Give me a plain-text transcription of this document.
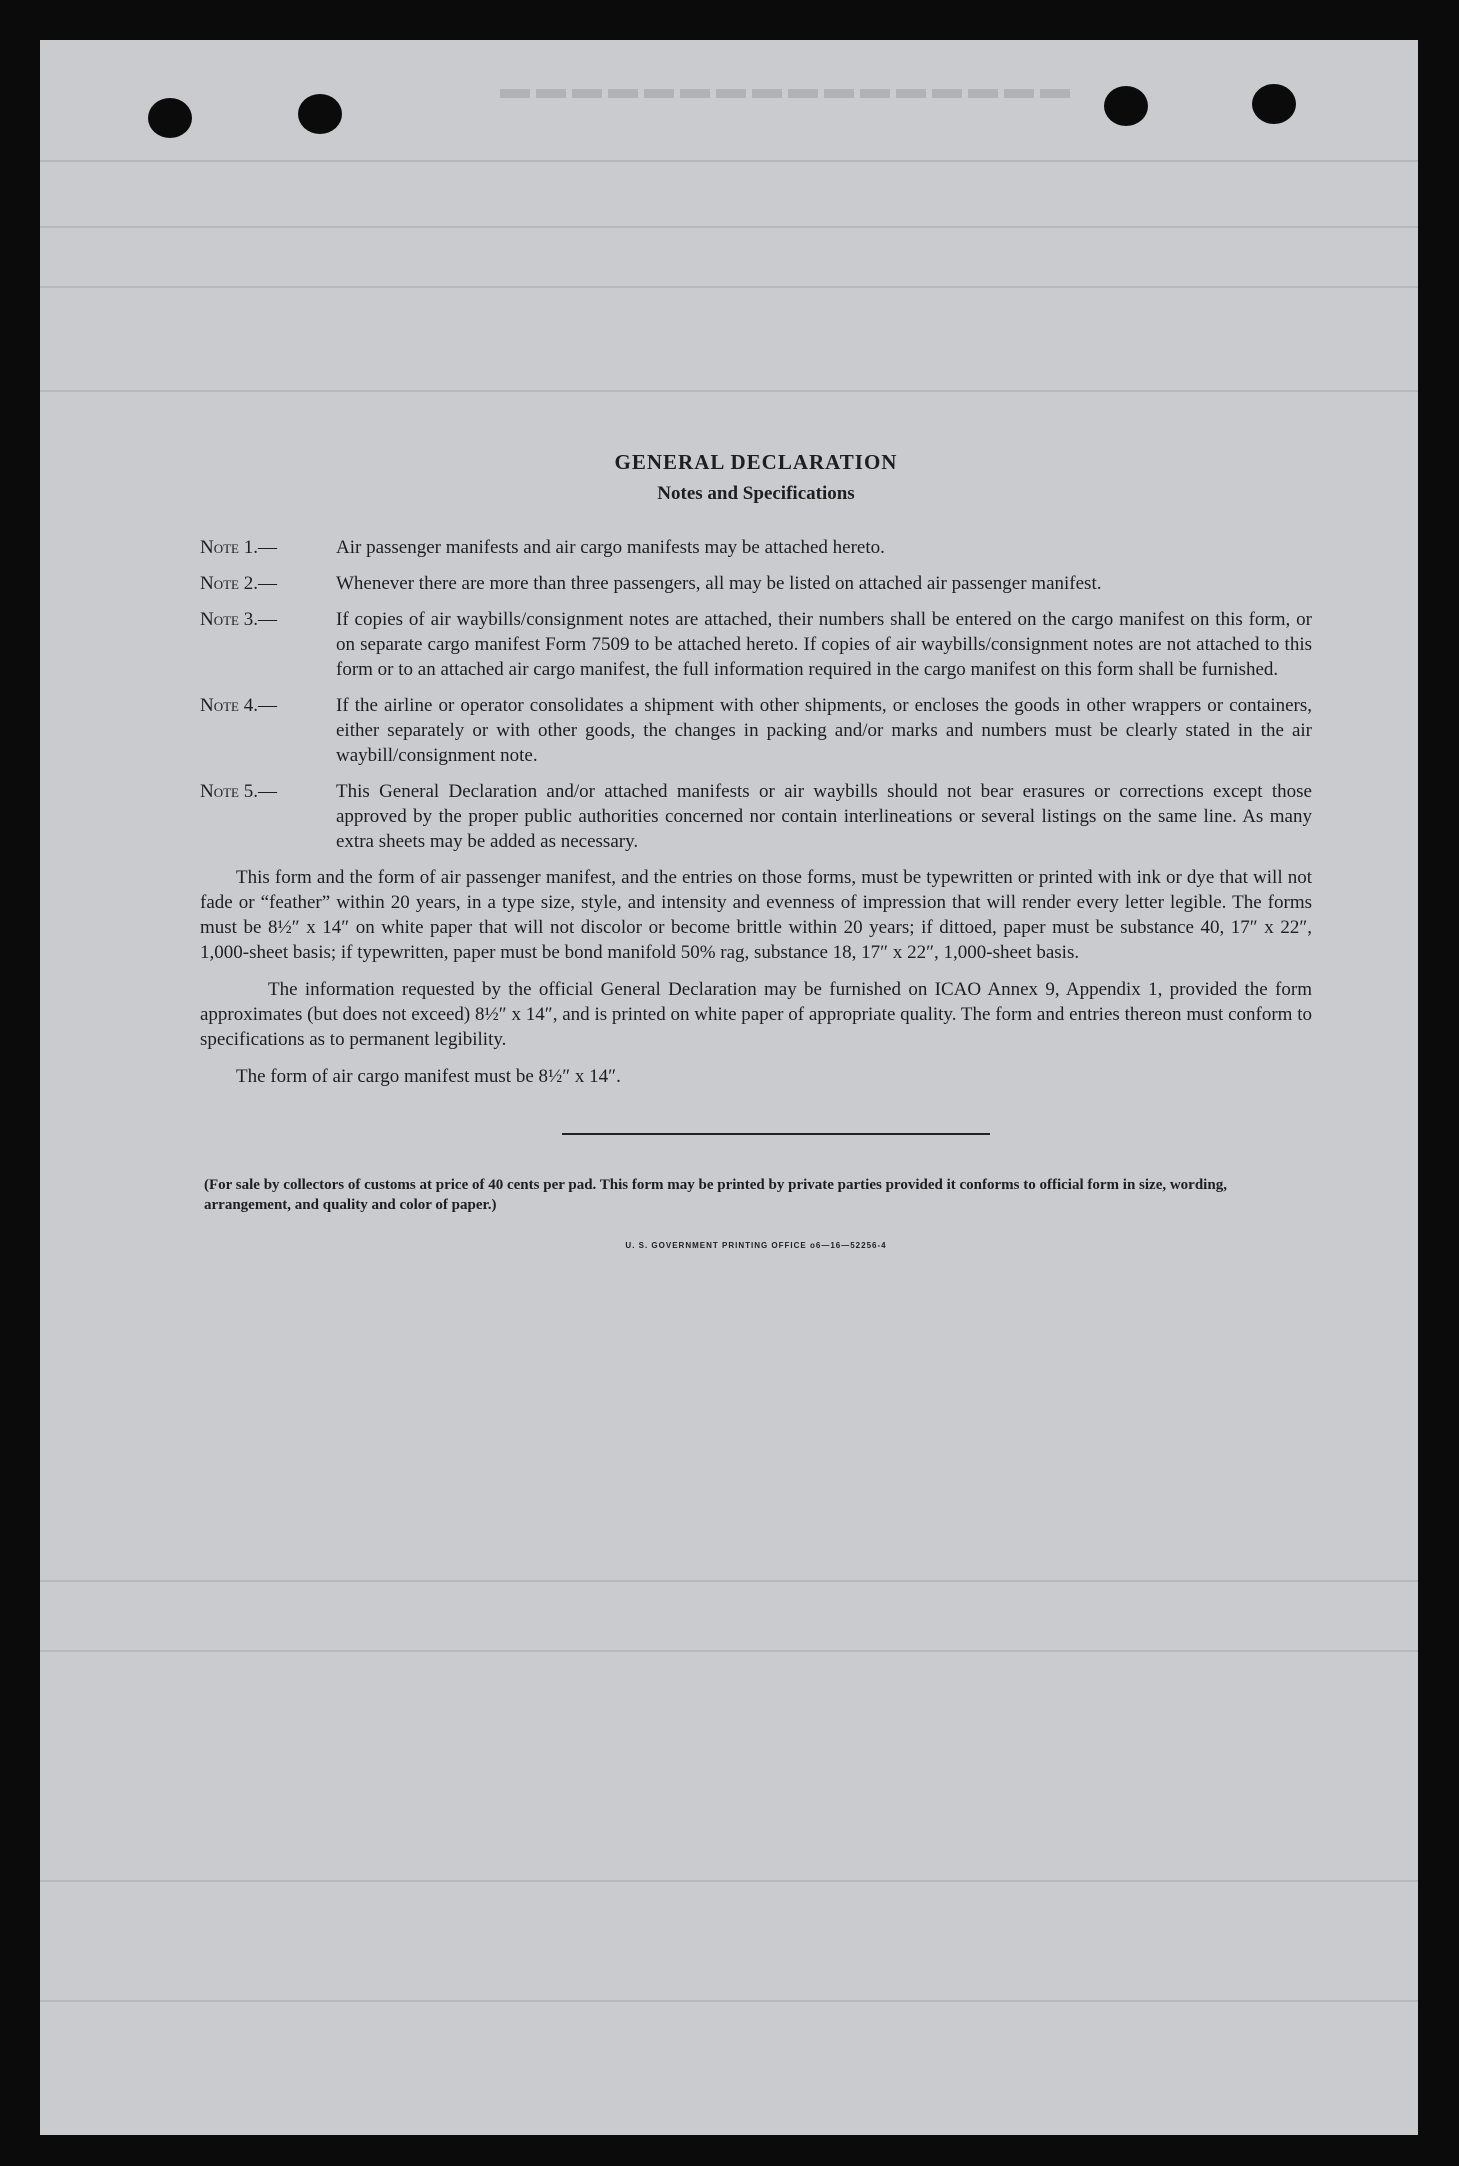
▬▬▬▬▬▬▬▬▬▬▬▬▬▬▬▬
GENERAL DECLARATION
Notes and Specifications
Note 1.—	Air passenger manifests and air cargo manifests may be attached hereto.
Note 2.—	Whenever there are more than three passengers, all may be listed on attached air passenger manifest.
Note 3.—	If copies of air waybills/consignment notes are attached, their numbers shall be entered on the cargo manifest on this form, or on separate cargo manifest Form 7509 to be attached hereto. If copies of air waybills/consignment notes are not attached to this form or to an attached air cargo manifest, the full information required in the cargo manifest on this form shall be furnished.
Note 4.—	If the airline or operator consolidates a shipment with other shipments, or encloses the goods in other wrappers or containers, either separately or with other goods, the changes in packing and/or marks and numbers must be clearly stated in the air waybill/consignment note.
Note 5.—	This General Declaration and/or attached manifests or air waybills should not bear erasures or corrections except those approved by the proper public authorities concerned nor contain interlineations or several listings on the same line. As many extra sheets may be added as necessary.

This form and the form of air passenger manifest, and the entries on those forms, must be typewritten or printed with ink or dye that will not fade or “feather” within 20 years, in a type size, style, and intensity and evenness of impression that will render every letter legible. The forms must be 8½″ x 14″ on white paper that will not discolor or become brittle within 20 years; if dittoed, paper must be substance 40, 17″ x 22″, 1,000-sheet basis; if typewritten, paper must be bond manifold 50% rag, substance 18, 17″ x 22″, 1,000-sheet basis.

The information requested by the official General Declaration may be furnished on ICAO Annex 9, Appendix 1, provided the form approximates (but does not exceed) 8½″ x 14″, and is printed on white paper of appropriate quality. The form and entries thereon must conform to specifications as to permanent legibility.

The form of air cargo manifest must be 8½″ x 14″.

(For sale by collectors of customs at price of 40 cents per pad. This form may be printed by private parties provided it conforms to official form in size, wording, arrangement, and quality and color of paper.)
U. S. GOVERNMENT PRINTING OFFICE o6—16—52256-4
